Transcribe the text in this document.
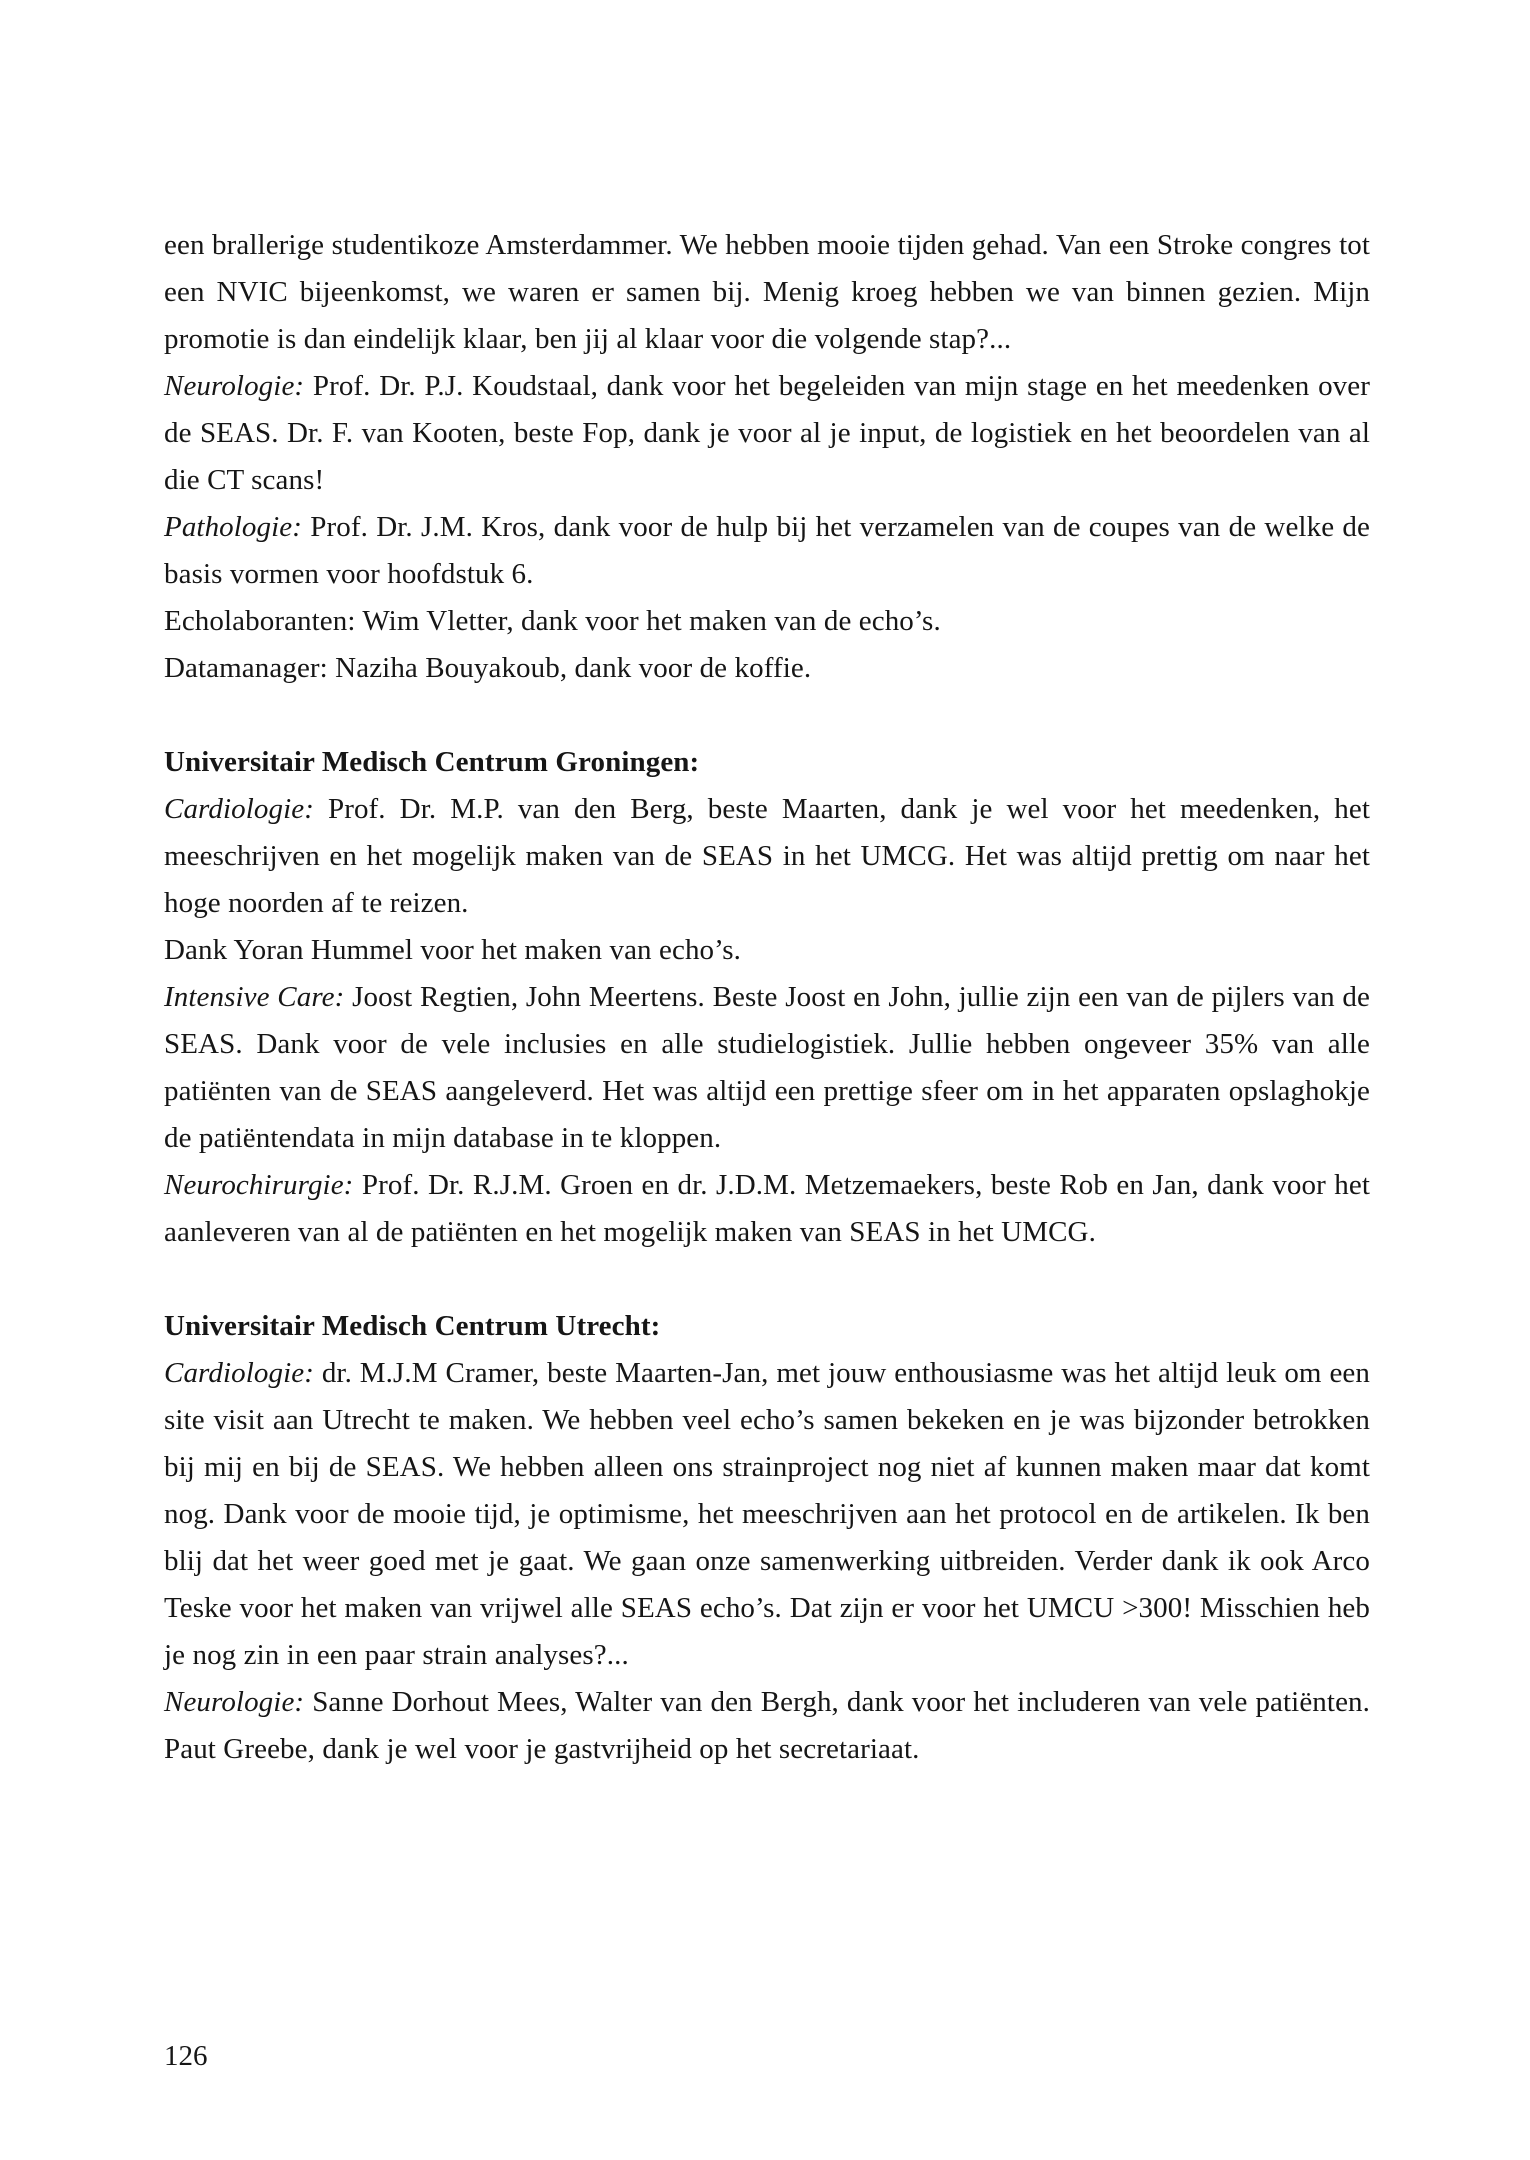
een brallerige studentikoze Amsterdammer. We hebben mooie tijden gehad. Van een Stroke congres tot een NVIC bijeenkomst, we waren er samen bij. Menig kroeg hebben we van binnen gezien. Mijn promotie is dan eindelijk klaar, ben jij al klaar voor die volgende stap?...

Neurologie: Prof. Dr. P.J. Koudstaal, dank voor het begeleiden van mijn stage en het meedenken over de SEAS. Dr. F. van Kooten, beste Fop, dank je voor al je input, de logistiek en het beoordelen van al die CT scans!

Pathologie: Prof. Dr. J.M. Kros, dank voor de hulp bij het verzamelen van de coupes van de welke de basis vormen voor hoofdstuk 6.

Echolaboranten: Wim Vletter, dank voor het maken van de echo’s.

Datamanager: Naziha Bouyakoub, dank voor de koffie.

Universitair Medisch Centrum Groningen:

Cardiologie: Prof. Dr. M.P. van den Berg, beste Maarten, dank je wel voor het meedenken, het meeschrijven en het mogelijk maken van de SEAS in het UMCG. Het was altijd prettig om naar het hoge noorden af te reizen.

Dank Yoran Hummel voor het maken van echo’s.

Intensive Care: Joost Regtien, John Meertens. Beste Joost en John, jullie zijn een van de pijlers van de SEAS. Dank voor de vele inclusies en alle studielogistiek. Jullie hebben ongeveer 35% van alle patiënten van de SEAS aangeleverd. Het was altijd een prettige sfeer om in het apparaten opslaghokje de patiëntendata in mijn database in te kloppen.

Neurochirurgie: Prof. Dr. R.J.M. Groen en dr. J.D.M. Metzemaekers, beste Rob en Jan, dank voor het aanleveren van al de patiënten en het mogelijk maken van SEAS in het UMCG.

Universitair Medisch Centrum Utrecht:

Cardiologie: dr. M.J.M Cramer, beste Maarten-Jan, met jouw enthousiasme was het altijd leuk om een site visit aan Utrecht te maken. We hebben veel echo’s samen bekeken en je was bijzonder betrokken bij mij en bij de SEAS. We hebben alleen ons strainproject nog niet af kunnen maken maar dat komt nog. Dank voor de mooie tijd, je optimisme, het meeschrijven aan het protocol en de artikelen. Ik ben blij dat het weer goed met je gaat. We gaan onze samenwerking uitbreiden. Verder dank ik ook Arco Teske voor het maken van vrijwel alle SEAS echo’s. Dat zijn er voor het UMCU >300! Misschien heb je nog zin in een paar strain analyses?...

Neurologie: Sanne Dorhout Mees, Walter van den Bergh, dank voor het includeren van vele patiënten. Paut Greebe, dank je wel voor je gastvrijheid op het secretariaat.

126
